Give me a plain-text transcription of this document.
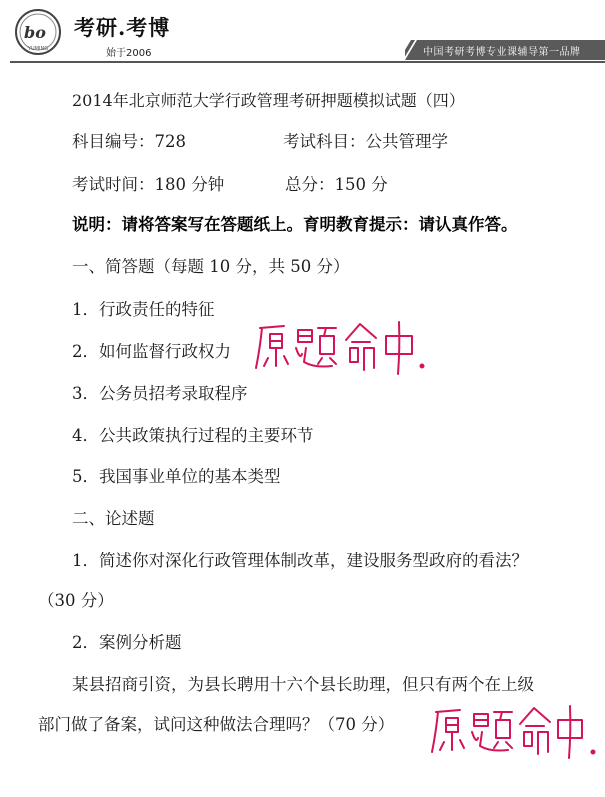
bo
YUMING
考研.考博
始于2006	中国考研考博专业课辅导第一品牌
2014年北京师范大学行政管理考研押题模拟试题（四）
科目编号：728	考试科目：公共管理学
考试时间：180 分钟	总分：150 分
说明：请将答案写在答题纸上。育明教育提示：请认真作答。
一、简答题（每题 10 分，共 50 分）
1．行政责任的特征
2．如何监督行政权力
3．公务员招考录取程序
4．公共政策执行过程的主要环节
5．我国事业单位的基本类型
二、论述题
1．简述你对深化行政管理体制改革，建设服务型政府的看法？
（30 分）
2．案例分析题
某县招商引资，为县长聘用十六个县长助理，但只有两个在上级
部门做了备案，试问这种做法合理吗？（70 分）
